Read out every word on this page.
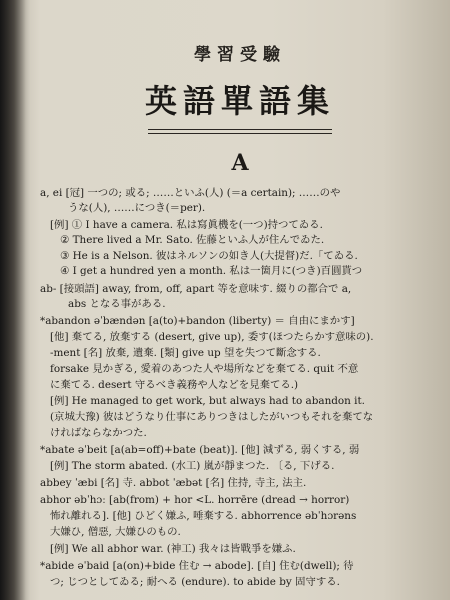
學習受驗
英語單語集
A
a, ei [冠] 一つの; 或る; ……といふ(人) (＝a certain); ……のや
うな(人), ……につき(＝per).
[例] ① I have a camera. 私は寫眞機を(一つ)持つてゐる.
② There lived a Mr. Sato. 佐藤といふ人が住んでゐた.
③ He is a Nelson. 彼はネルソンの如き人(大提督)だ.「てゐる.
④ I get a hundred yen a month. 私は一箇月に(つき)百圓貰つ
ab- [接頭語] away, from, off, apart 等を意味す. 綴りの都合で a,
abs となる事がある.
*abandon əˈbændən [a(to)+bandon (liberty) ＝ 自由にまかす]
[他] 棄てる, 放棄する (desert, give up), 委す(ほつたらかす意味の).
-ment [名] 放棄, 遺棄. [類] give up 望を失つて斷念する.
forsake 見かぎる, 愛着のあつた人や場所などを棄てる. quit 不意
に棄てる. desert 守るべき義務や人などを見棄てる.)
[例] He managed to get work, but always had to abandon it.
(京城大豫) 彼はどうなり仕事にありつきはしたがいつもそれを棄てな
ければならなかつた.
*abate əˈbeit [a(ab=off)+bate (beat)]. [他] 減ずる, 弱くする, 弱
[例] The storm abated. (水工) 嵐が靜まつた. 〔る, 下げる.
abbey ˈæbi [名] 寺. abbot ˈæbət [名] 住持, 寺主, 法主.
abhor əbˈhɔː [ab(from) + hor <L. horrēre (dread → horror)
怖れ離れる]. [他] ひどく嫌ふ, 唾棄する. abhorrence əbˈhɔrəns
大嫌ひ, 僧惡, 大嫌ひのもの.
[例] We all abhor war. (神工) 我々は皆戰爭を嫌ふ.
*abide əˈbaid [a(on)+bide 住む → abode]. [自] 住む(dwell); 待
つ; じつとしてゐる; 耐へる (endure). to abide by 固守する.
